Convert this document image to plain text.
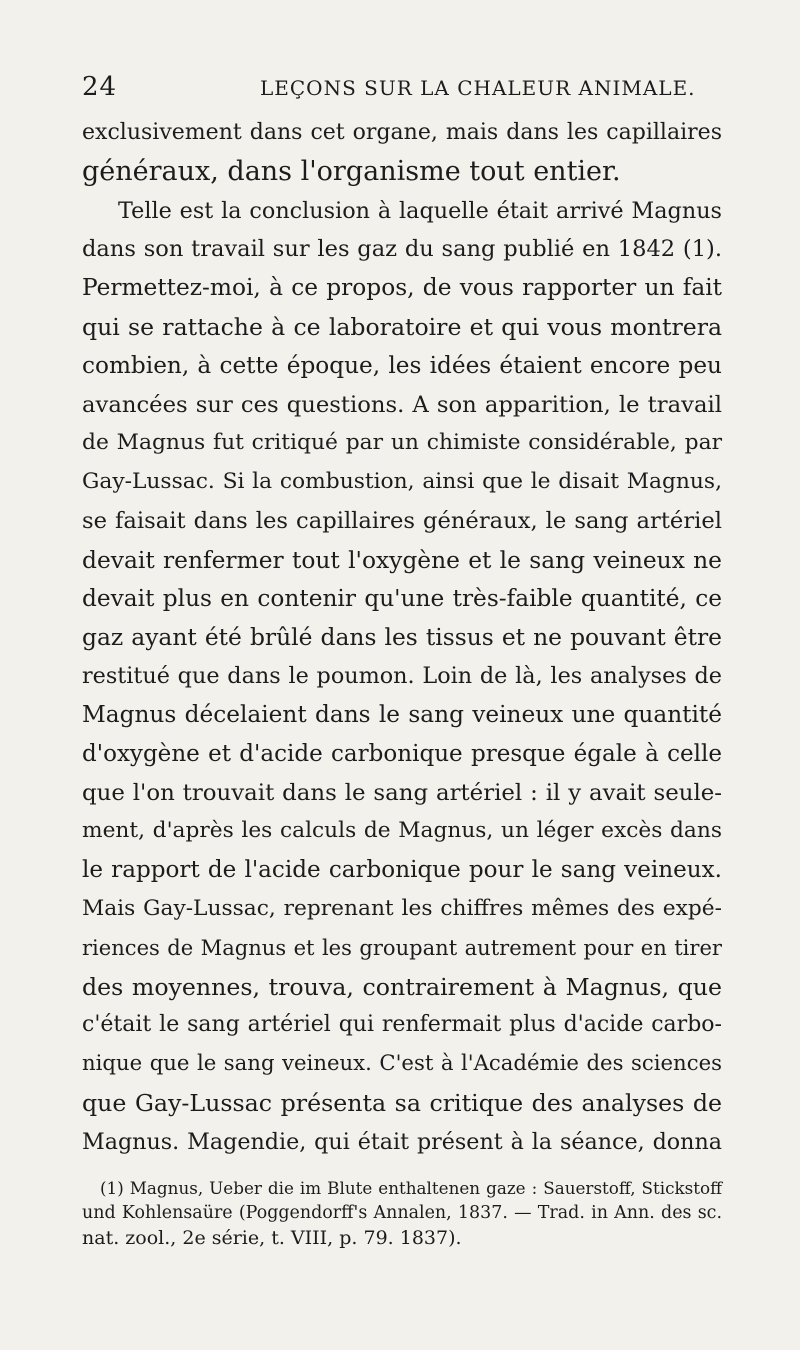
24	LEÇONS SUR LA CHALEUR ANIMALE.
exclusivement dans cet organe, mais dans les capillaires
généraux, dans l'organisme tout entier.
Telle est la conclusion à laquelle était arrivé Magnus
dans son travail sur les gaz du sang publié en 1842 (1).
Permettez-moi, à ce propos, de vous rapporter un fait
qui se rattache à ce laboratoire et qui vous montrera
combien, à cette époque, les idées étaient encore peu
avancées sur ces questions. A son apparition, le travail
de Magnus fut critiqué par un chimiste considérable, par
Gay-Lussac. Si la combustion, ainsi que le disait Magnus,
se faisait dans les capillaires généraux, le sang artériel
devait renfermer tout l'oxygène et le sang veineux ne
devait plus en contenir qu'une très-faible quantité, ce
gaz ayant été brûlé dans les tissus et ne pouvant être
restitué que dans le poumon. Loin de là, les analyses de
Magnus décelaient dans le sang veineux une quantité
d'oxygène et d'acide carbonique presque égale à celle
que l'on trouvait dans le sang artériel : il y avait seule-
ment, d'après les calculs de Magnus, un léger excès dans
le rapport de l'acide carbonique pour le sang veineux.
Mais Gay-Lussac, reprenant les chiffres mêmes des expé-
riences de Magnus et les groupant autrement pour en tirer
des moyennes, trouva, contrairement à Magnus, que
c'était le sang artériel qui renfermait plus d'acide carbo-
nique que le sang veineux. C'est à l'Académie des sciences
que Gay-Lussac présenta sa critique des analyses de
Magnus. Magendie, qui était présent à la séance, donna
(1) Magnus, Ueber die im Blute enthaltenen gaze : Sauerstoff, Stickstoff
und Kohlensaüre (Poggendorff's Annalen, 1837. — Trad. in Ann. des sc.
nat. zool., 2e série, t. VIII, p. 79. 1837).
